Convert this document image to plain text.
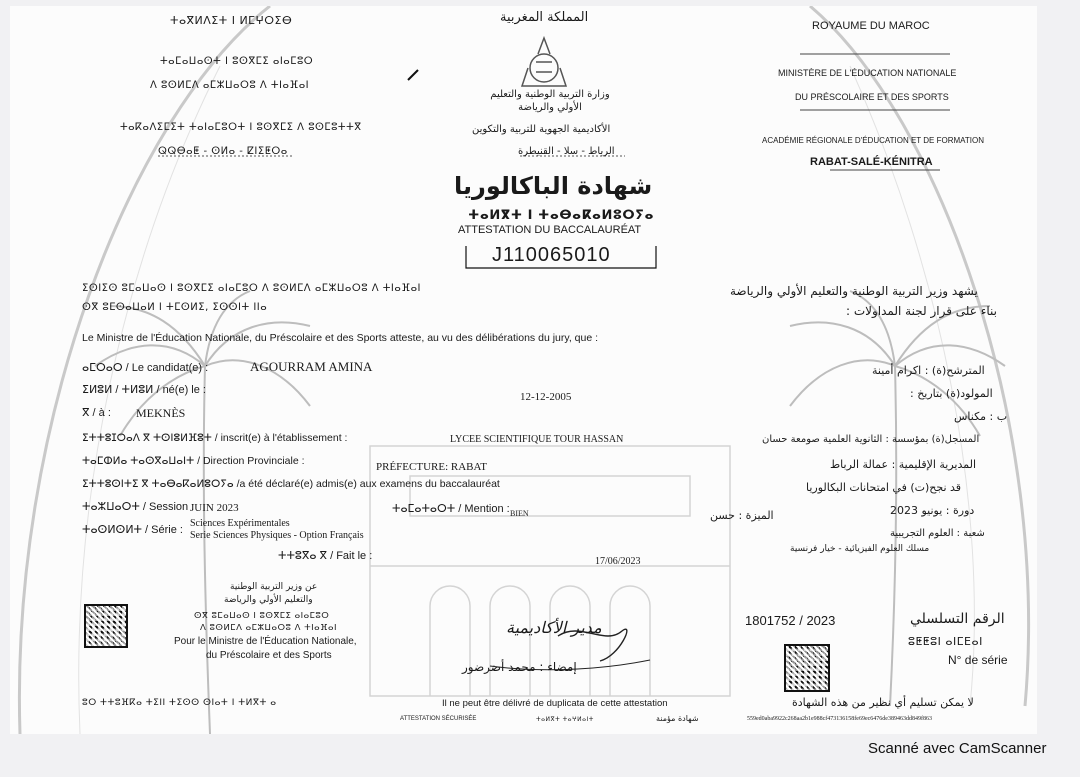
ⵜⴰⴳⵍⴷⵉⵜ ⵏ ⵍⵎⵖⵔⵉⴱ
ⵜⴰⵎⴰⵡⴰⵙⵜ ⵏ ⵓⵙⴳⵎⵉ ⴰⵏⴰⵎⵓⵔ
ⴷ ⵓⵙⵍⵎⴷ ⴰⵎⵣⵡⴰⵔⵓ ⴷ ⵜⵏⴰⴼⴰⵏ
ⵜⴰⴽⴰⴷⵉⵎⵉⵜ ⵜⴰⵏⴰⵎⵓⵔⵜ ⵏ ⵓⵙⴳⵎⵉ ⴷ ⵓⵙⵎⵓⵜⵜⴳ
ⵕⵕⴱⴰⵟ - ⵙⵍⴰ - ⵇⵏⵉⵟⵔⴰ
المملكة المغربية
وزارة التربية الوطنية والتعليم الأولي والرياضة
الأكاديمية الجهوية للتربية والتكوين
الرباط - سلا - القنيطرة
ROYAUME DU MAROC
MINISTÈRE DE L'ÉDUCATION NATIONALE
DU PRÉSCOLAIRE ET DES SPORTS
ACADÉMIE RÉGIONALE D'ÉDUCATION ET DE FORMATION
RABAT-SALÉ-KÉNITRA
شهادة الباكالوريا
ⵜⴰⵍⴳⵜ ⵏ ⵜⴰⴱⴰⴽⴰⵍⵓⵔⵢⴰ
ATTESTATION DU BACCALAURÉAT
J110065010
ⵉⵙⵏⵉⵙ ⵓⵎⴰⵡⴰⵙ ⵏ ⵓⵙⴳⵎⵉ ⴰⵏⴰⵎⵓⵔ ⴷ ⵓⵙⵍⵎⴷ ⴰⵎⵣⵡⴰⵔⵓ ⴷ ⵜⵏⴰⴼⴰⵏ
ⵙⴳ ⵓⵎⵙⴰⵡⴰⵍ ⵏ ⵜⵎⵙⵍⵉ, ⵉⵙⵙⵏⵜ ⵏⵏⴰ
يشهد وزير التربية الوطنية والتعليم الأولي والرياضة
بناء على قرار لجنة المداولات :
Le Ministre de l'Éducation Nationale, du Préscolaire et des Sports atteste, au vu des délibérations du jury, que :
ⴰⵎⵔⴰⵔ / Le candidat(e) :	AGOURRAM AMINA
ⵉⵍⵓⵍ / ⵜⵍⵓⵍ / né(e) le :
12-12-2005
ⴳ / à : MEKNÈS
ⵉⵜⵜⵓⵊⵔⴰⴷ ⴳ ⵜⵙⵏⵓⵍⴼⵓⵜ / inscrit(e) à l'établissement :	LYCEE SCIENTIFIQUE TOUR HASSAN
ⵜⴰⵎⵀⵍⴰ ⵜⴰⵙⴳⴰⵡⴰⵏⵜ / Direction Provinciale :	PRÉFECTURE: RABAT
ⵉⵜⵜⵓⵙⵏⵜⵉ ⴳ ⵜⴰⴱⴰⴽⴰⵍⵓⵔⵢⴰ /a été déclaré(e) admis(e) aux examens du baccalauréat
ⵜⴰⵣⵡⴰⵔⵜ / Session :
JUIN 2023	ⵜⴰⵎⴰⵜⴰⵔⵜ / Mention : BIEN
ⵜⴰⵙⵍⵙⵍⵜ / Série :
Sciences Expérimentales
Serie Sciences Physiques - Option Français
ⵜⵜⵓⴳⴰ ⴳ / Fait le :	17/06/2023
المترشح(ة) : اكرام أمينة
المولود(ة) بتاريخ :
ب : مكناس
المسجل(ة) بمؤسسة : الثانوية العلمية صومعة حسان
المديرية الإقليمية : عمالة الرباط
قد نجح(ت) في امتحانات البكالوريا
دورة : يونيو 2023
الميزة : حسن
شعبة : العلوم التجريبية
مسلك العلوم الفيزيائية - خيار فرنسية
عن وزير التربية الوطنية
والتعليم الأولي والرياضة
ⵙⴳ ⵓⵎⴰⵡⴰⵙ ⵏ ⵓⵙⴳⵎⵉ ⴰⵏⴰⵎⵓⵔ
ⴷ ⵓⵙⵍⵎⴷ ⴰⵎⵣⵡⴰⵔⵓ ⴷ ⵜⵏⴰⴼⴰⵏ
Pour le Ministre de l'Éducation Nationale,
du Préscolaire et des Sports
مدير الأكاديمية
إمضاء : محمد أضرضور
الرقم التسلسلي
1801752 / 2023
ⵓⵟⵟⵓⵏ ⴰⵏⵎⴹⴰⵏ
N° de série
ⵓⵔ ⵜⵜⵓⴼⴽⴰ ⵜⵉⵏⵏ ⵜⵉⵙⵙ ⵙⵏⴰⵜ ⵏ ⵜⵍⴳⵜ ⴰ	Il ne peut être délivré de duplicata de cette attestation	لا يمكن تسليم أي نظير من هذه الشهادة
ATTESTATION SÉCURISÉE	ⵜⴰⵍⴳⵜ ⵜⴰⵖⵍⴰⵏⵜ	شهادة مؤمنة	559ed0aba9922c268aa2b1e988cf473136158fe69ec6476de389463dd849f863
Scanné avec CamScanner
